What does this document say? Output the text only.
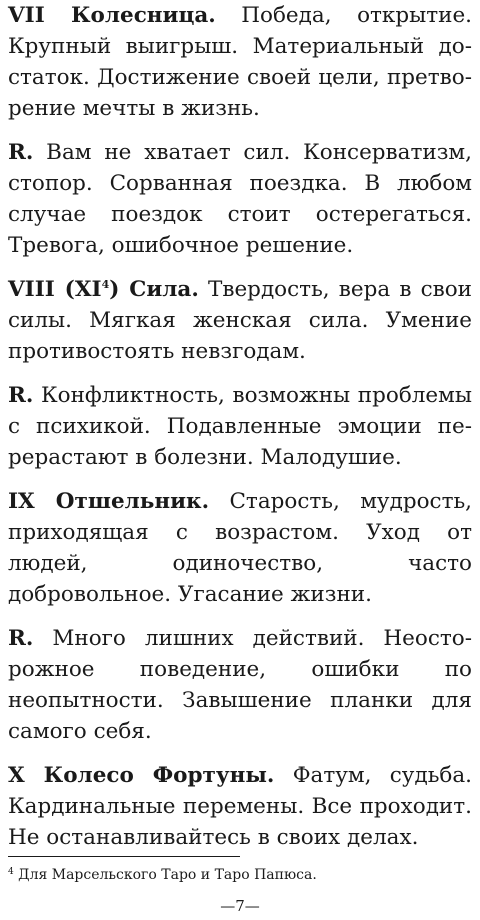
VII Колесница. Победа, открытие. Крупный выигрыш. Материальный достаток. Достижение своей цели, претворение мечты в жизнь.

R. Вам не хватает сил. Консерватизм, стопор. Сорванная поездка. В любом случае поездок стоит остерегаться. Тревога, ошибочное решение.

VIII $(XI^4)$ Сила. Твердость, вера в свои силы. Мягкая женская сила. Умение противостоять невзгодам.

R. Конфликтность, возможны проблемы с психикой. Подавленные эмоции перерастают в болезни. Малодушие.

IX Отшельник. Старость, мудрость, приходящая с возрастом. Уход от людей, одиночество, часто добровольное. Угасание жизни.

R. Много лишних действий. Неосторожное поведение, ошибки по неопытности. Завышение планки для самого себя.

X Колесо Фортуны. Фатум, судьба. Кардинальные перемены. Все проходит. Не останавливайтесь в своих делах.

$^4$ Для Марсельского Таро и Таро Папюса.
—7—
